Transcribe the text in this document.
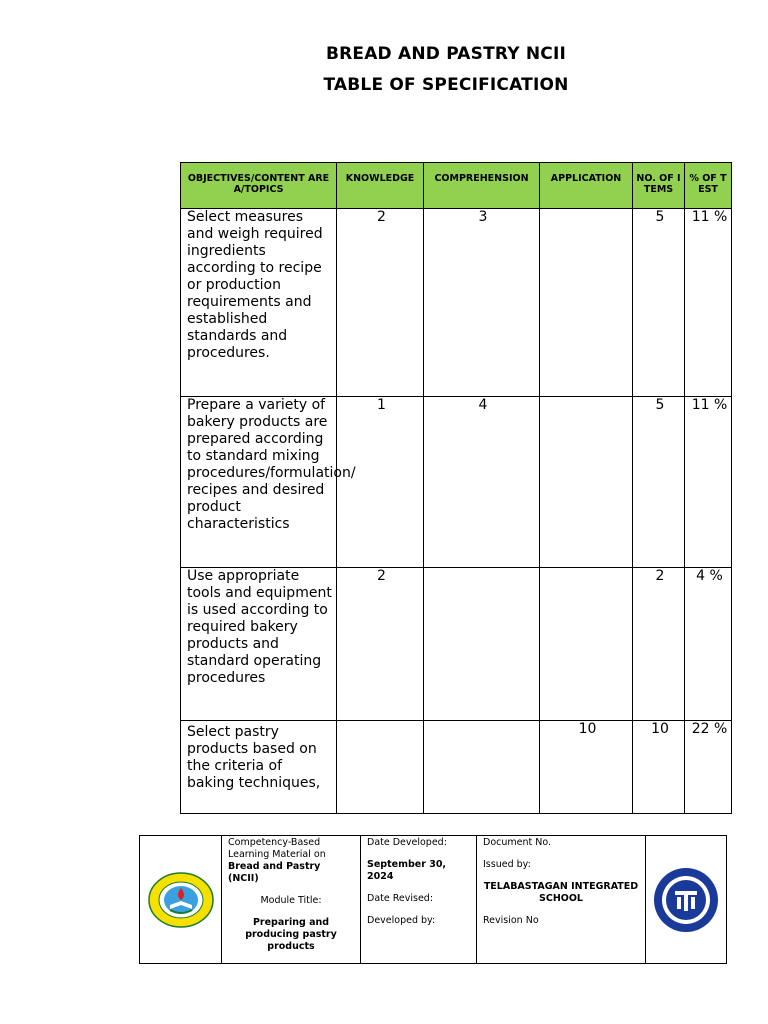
BREAD AND PASTRY NCII
TABLE OF SPECIFICATION
OBJECTIVES/CONTENT AREA/TOPICS	KNOWLEDGE	COMPREHENSION	APPLICATION	NO. OF ITEMS	% OF TEST
Select measures and weigh required ingredients according to recipe or production requirements and established standards and procedures.	2	3		5	11 %
Prepare a variety of bakery products are prepared according to standard mixing procedures/formulation/ recipes and desired product characteristics	1	4		5	11 %
Use appropriate tools and equipment is used according to required bakery products and standard operating procedures	2			2	4 %
Select pastry products based on the criteria of baking techniques,			10	10	22 %
Competency-Based Learning Material on
Bread and Pastry (NCII)
Module Title:
Preparing and producing pastry products
Date Developed:
September 30, 2024
Date Revised:
Developed by:
Document No.
Issued by:
TELABASTAGAN INTEGRATED SCHOOL
Revision No
